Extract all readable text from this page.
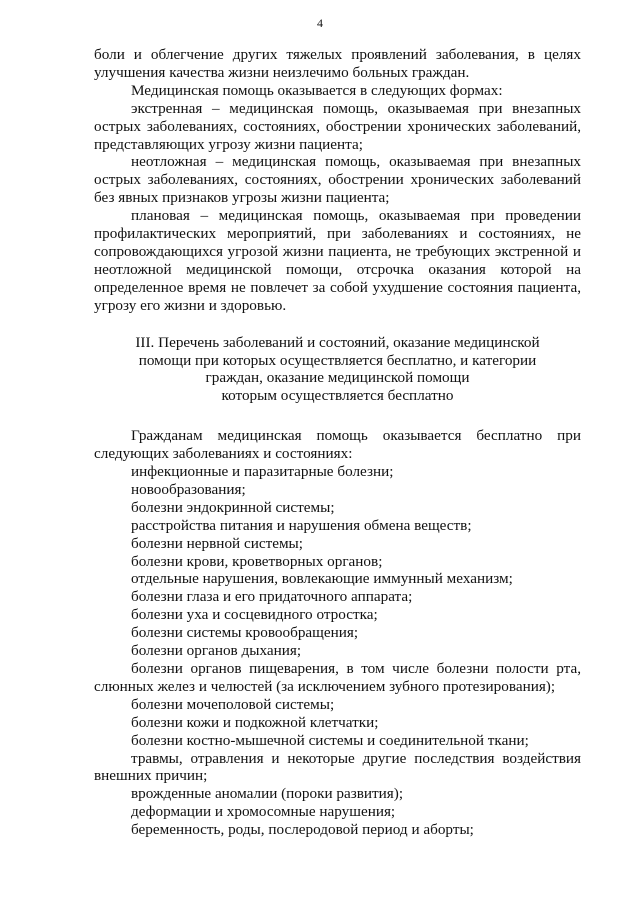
4

боли и облегчение других тяжелых проявлений заболевания, в целях улучшения качества жизни неизлечимо больных граждан.

Медицинская помощь оказывается в следующих формах:

экстренная – медицинская помощь, оказываемая при внезапных острых заболеваниях, состояниях, обострении хронических заболеваний, представляющих угрозу жизни пациента;

неотложная – медицинская помощь, оказываемая при внезапных острых заболеваниях, состояниях, обострении хронических заболеваний без явных признаков угрозы жизни пациента;

плановая – медицинская помощь, оказываемая при проведении профилактических мероприятий, при заболеваниях и состояниях, не сопровождающихся угрозой жизни пациента, не требующих экстренной и неотложной медицинской помощи, отсрочка оказания которой на определенное время не повлечет за собой ухудшение состояния пациента, угрозу его жизни и здоровью.

III. Перечень заболеваний и состояний, оказание медицинской
помощи при которых осуществляется бесплатно, и категории
граждан, оказание медицинской помощи
которым осуществляется бесплатно

Гражданам медицинская помощь оказывается бесплатно при следующих заболеваниях и состояниях:

инфекционные и паразитарные болезни;

новообразования;

болезни эндокринной системы;

расстройства питания и нарушения обмена веществ;

болезни нервной системы;

болезни крови, кроветворных органов;

отдельные нарушения, вовлекающие иммунный механизм;

болезни глаза и его придаточного аппарата;

болезни уха и сосцевидного отростка;

болезни системы кровообращения;

болезни органов дыхания;

болезни органов пищеварения, в том числе болезни полости рта, слюнных желез и челюстей (за исключением зубного протезирования);

болезни мочеполовой системы;

болезни кожи и подкожной клетчатки;

болезни костно-мышечной системы и соединительной ткани;

травмы, отравления и некоторые другие последствия воздействия внешних причин;

врожденные аномалии (пороки развития);

деформации и хромосомные нарушения;

беременность, роды, послеродовой период и аборты;
